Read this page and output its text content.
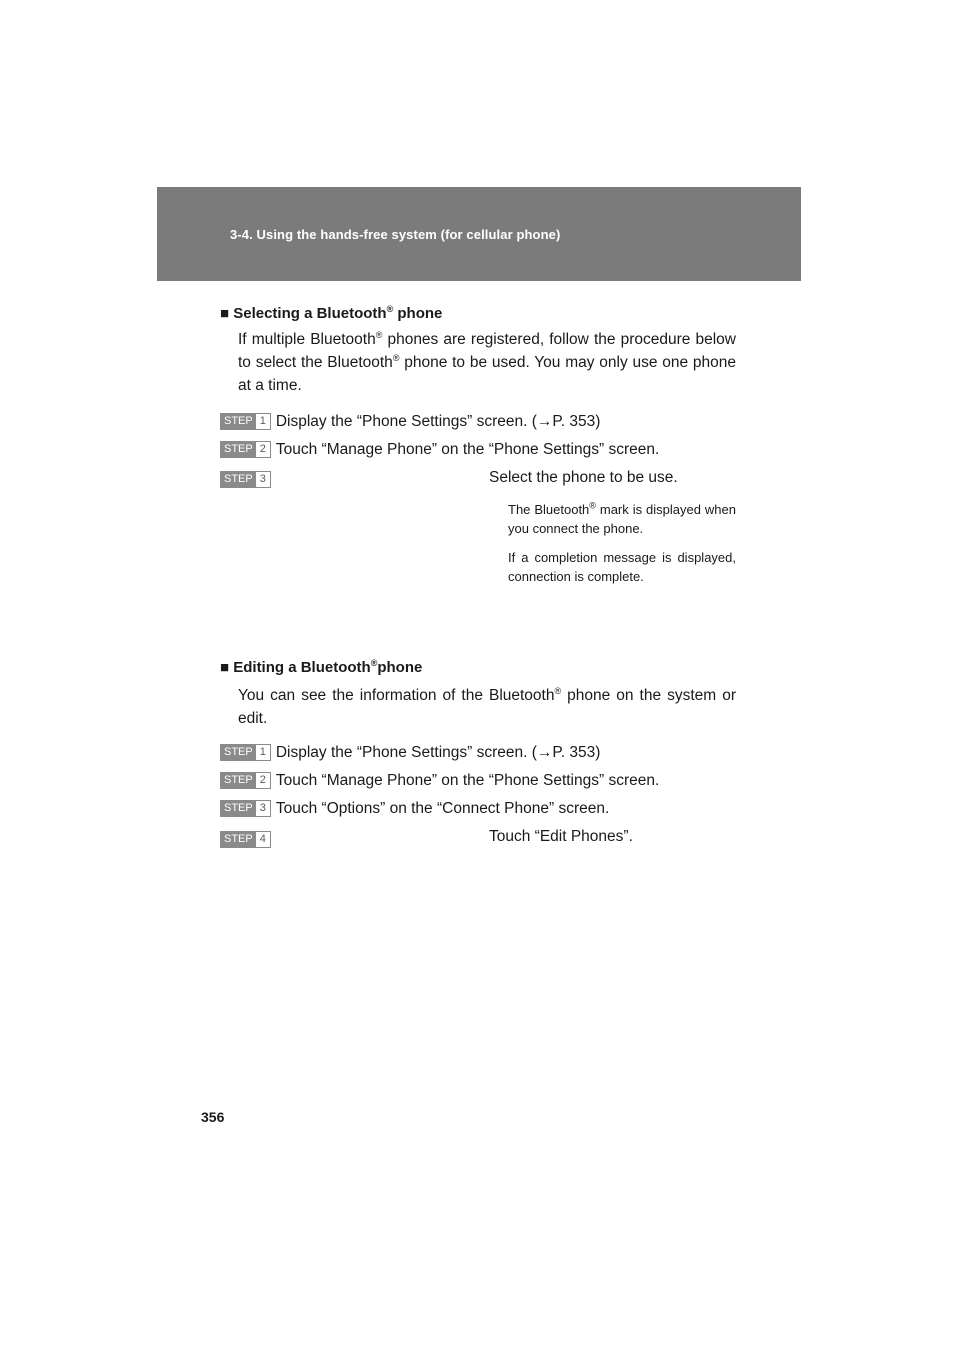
3-4. Using the hands-free system (for cellular phone)
■ Selecting a Bluetooth® phone
If multiple Bluetooth® phones are registered, follow the procedure below to select the Bluetooth® phone to be used. You may only use one phone at a time.
STEP 1 Display the “Phone Settings” screen. (→P. 353)
STEP 2 Touch “Manage Phone” on the “Phone Settings” screen.
STEP 3	Select the phone to be use.
The Bluetooth® mark is displayed when you connect the phone.
If a completion message is displayed, connection is complete.
■ Editing a Bluetooth®phone
You can see the information of the Bluetooth® phone on the system or edit.
STEP 1 Display the “Phone Settings” screen. (→P. 353)
STEP 2 Touch “Manage Phone” on the “Phone Settings” screen.
STEP 3 Touch “Options” on the “Connect Phone” screen.
STEP 4	Touch “Edit Phones”.
356
